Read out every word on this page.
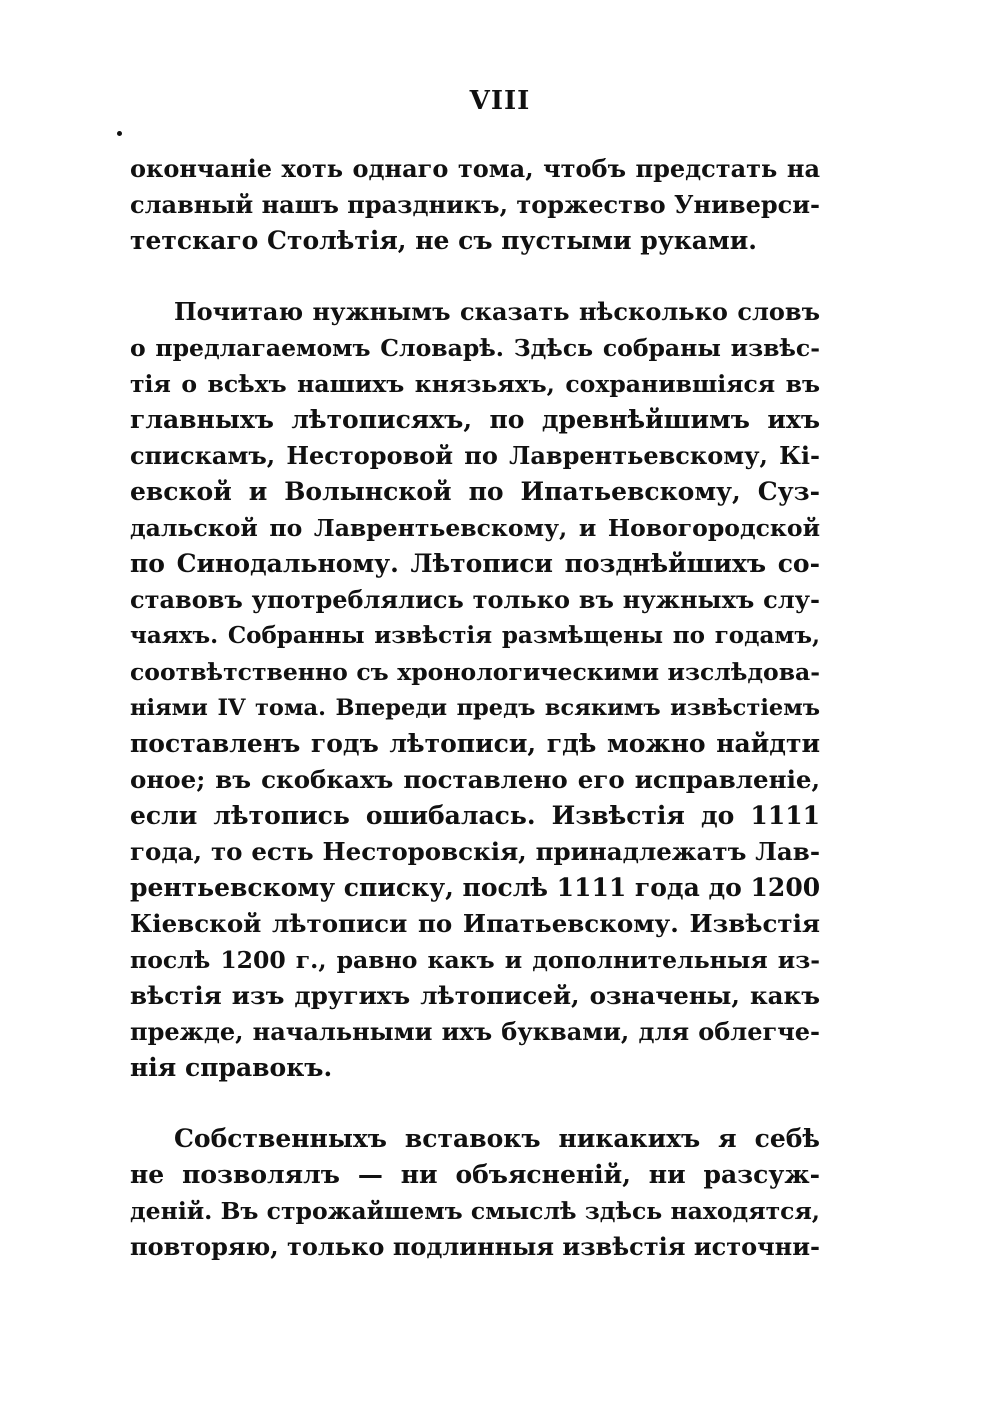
VIII
окончаніе хоть однаго тома, чтобъ предстать на
славный нашъ праздникъ, торжество Универси-
тетскаго Столѣтія, не съ пустыми руками.
Почитаю нужнымъ сказать нѣсколько словъ
о предлагаемомъ Словарѣ. Здѣсь собраны извѣс-
тія о всѣхъ нашихъ князьяхъ, сохранившіяся въ
главныхъ лѣтописяхъ, по древнѣйшимъ ихъ
спискамъ, Несторовой по Лаврентьевскому, Кі-
евской и Волынской по Ипатьевскому, Суз-
дальской по Лаврентьевскому, и Новогородской
по Синодальному. Лѣтописи позднѣйшихъ со-
ставовъ употреблялись только въ нужныхъ слу-
чаяхъ. Собранны извѣстія размѣщены по годамъ,
соотвѣтственно съ хронологическими изслѣдова-
ніями IV тома. Впереди предъ всякимъ извѣстіемъ
поставленъ годъ лѣтописи, гдѣ можно найдти
оное; въ скобкахъ поставлено его исправленіе,
если лѣтопись ошибалась. Извѣстія до 1111
года, то есть Несторовскія, принадлежатъ Лав-
рентьевскому списку, послѣ 1111 года до 1200
Кіевской лѣтописи по Ипатьевскому. Извѣстія
послѣ 1200 г., равно какъ и дополнительныя из-
вѣстія изъ другихъ лѣтописей, означены, какъ
прежде, начальными ихъ буквами, для облегче-
нія справокъ.
Собственныхъ вставокъ никакихъ я себѣ
не позволялъ — ни объясненій, ни разсуж-
деній. Въ строжайшемъ смыслѣ здѣсь находятся,
повторяю, только подлинныя извѣстія источни-
